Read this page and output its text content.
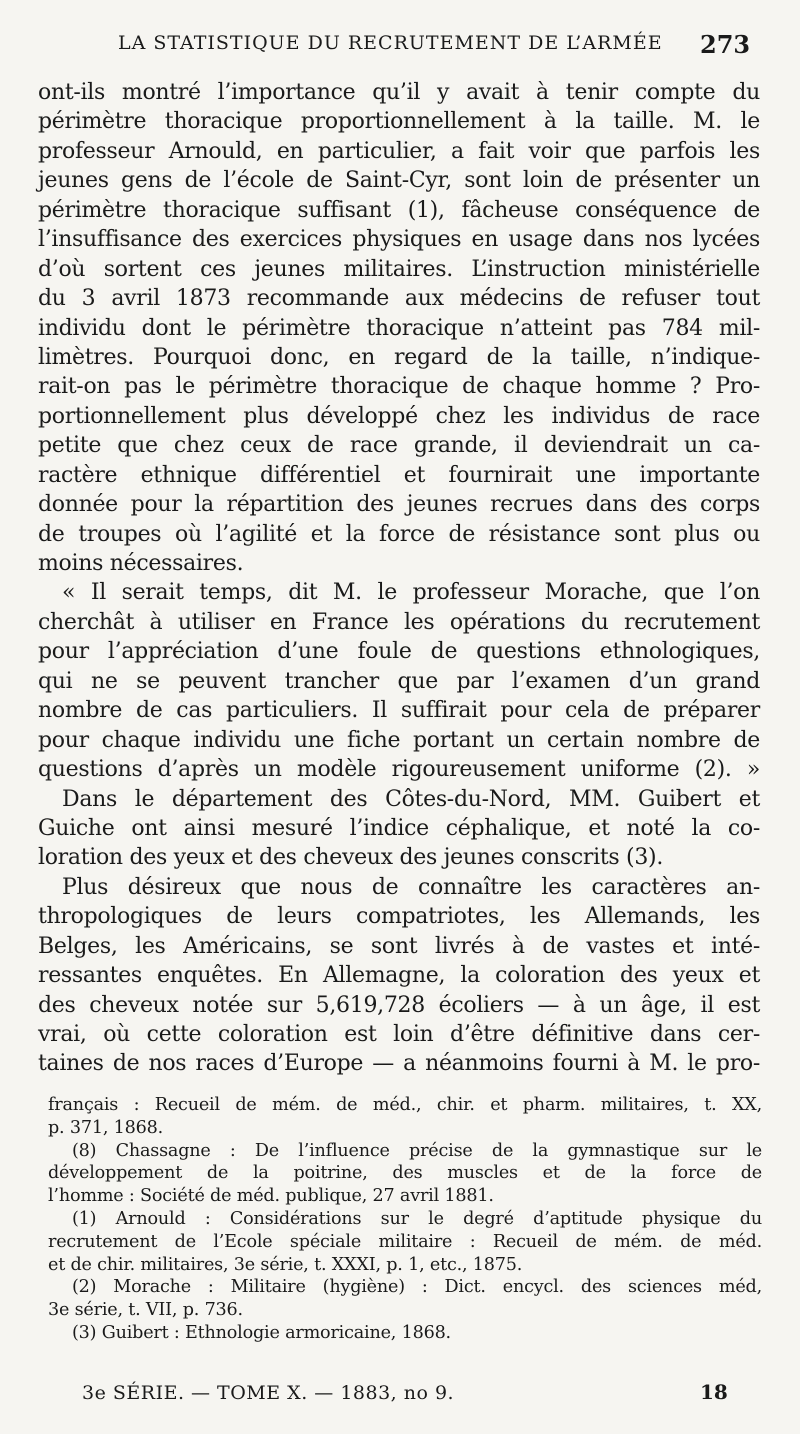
LA STATISTIQUE DU RECRUTEMENT DE L’ARMÉE 273
ont-ils montré l’importance qu’il y avait à tenir compte du
périmètre thoracique proportionnellement à la taille. M. le
professeur Arnould, en particulier, a fait voir que parfois les
jeunes gens de l’école de Saint-Cyr, sont loin de présenter un
périmètre thoracique suffisant (1), fâcheuse conséquence de
l’insuffisance des exercices physiques en usage dans nos lycées
d’où sortent ces jeunes militaires. L’instruction ministérielle
du 3 avril 1873 recommande aux médecins de refuser tout
individu dont le périmètre thoracique n’atteint pas 784 mil-
limètres. Pourquoi donc, en regard de la taille, n’indique-
rait-on pas le périmètre thoracique de chaque homme ? Pro-
portionnellement plus développé chez les individus de race
petite que chez ceux de race grande, il deviendrait un ca-
ractère ethnique différentiel et fournirait une importante
donnée pour la répartition des jeunes recrues dans des corps
de troupes où l’agilité et la force de résistance sont plus ou
moins nécessaires.
« Il serait temps, dit M. le professeur Morache, que l’on
cherchât à utiliser en France les opérations du recrutement
pour l’appréciation d’une foule de questions ethnologiques,
qui ne se peuvent trancher que par l’examen d’un grand
nombre de cas particuliers. Il suffirait pour cela de préparer
pour chaque individu une fiche portant un certain nombre de
questions d’après un modèle rigoureusement uniforme (2). »
Dans le département des Côtes-du-Nord, MM. Guibert et
Guiche ont ainsi mesuré l’indice céphalique, et noté la co-
loration des yeux et des cheveux des jeunes conscrits (3).
Plus désireux que nous de connaître les caractères an-
thropologiques de leurs compatriotes, les Allemands, les
Belges, les Américains, se sont livrés à de vastes et inté-
ressantes enquêtes. En Allemagne, la coloration des yeux et
des cheveux notée sur 5,619,728 écoliers — à un âge, il est
vrai, où cette coloration est loin d’être définitive dans cer-
taines de nos races d’Europe — a néanmoins fourni à M. le pro-
français : Recueil de mém. de méd., chir. et pharm. militaires, t. XX,
p. 371, 1868.
(8) Chassagne : De l’influence précise de la gymnastique sur le
développement de la poitrine, des muscles et de la force de
l’homme : Société de méd. publique, 27 avril 1881.
(1) Arnould : Considérations sur le degré d’aptitude physique du
recrutement de l’Ecole spéciale militaire : Recueil de mém. de méd.
et de chir. militaires, 3e série, t. XXXI, p. 1, etc., 1875.
(2) Morache : Militaire (hygiène) : Dict. encycl. des sciences méd,
3e série, t. VII, p. 736.
(3) Guibert : Ethnologie armoricaine, 1868.
3e SÉRIE. — TOME X. — 1883, no 9.	18
